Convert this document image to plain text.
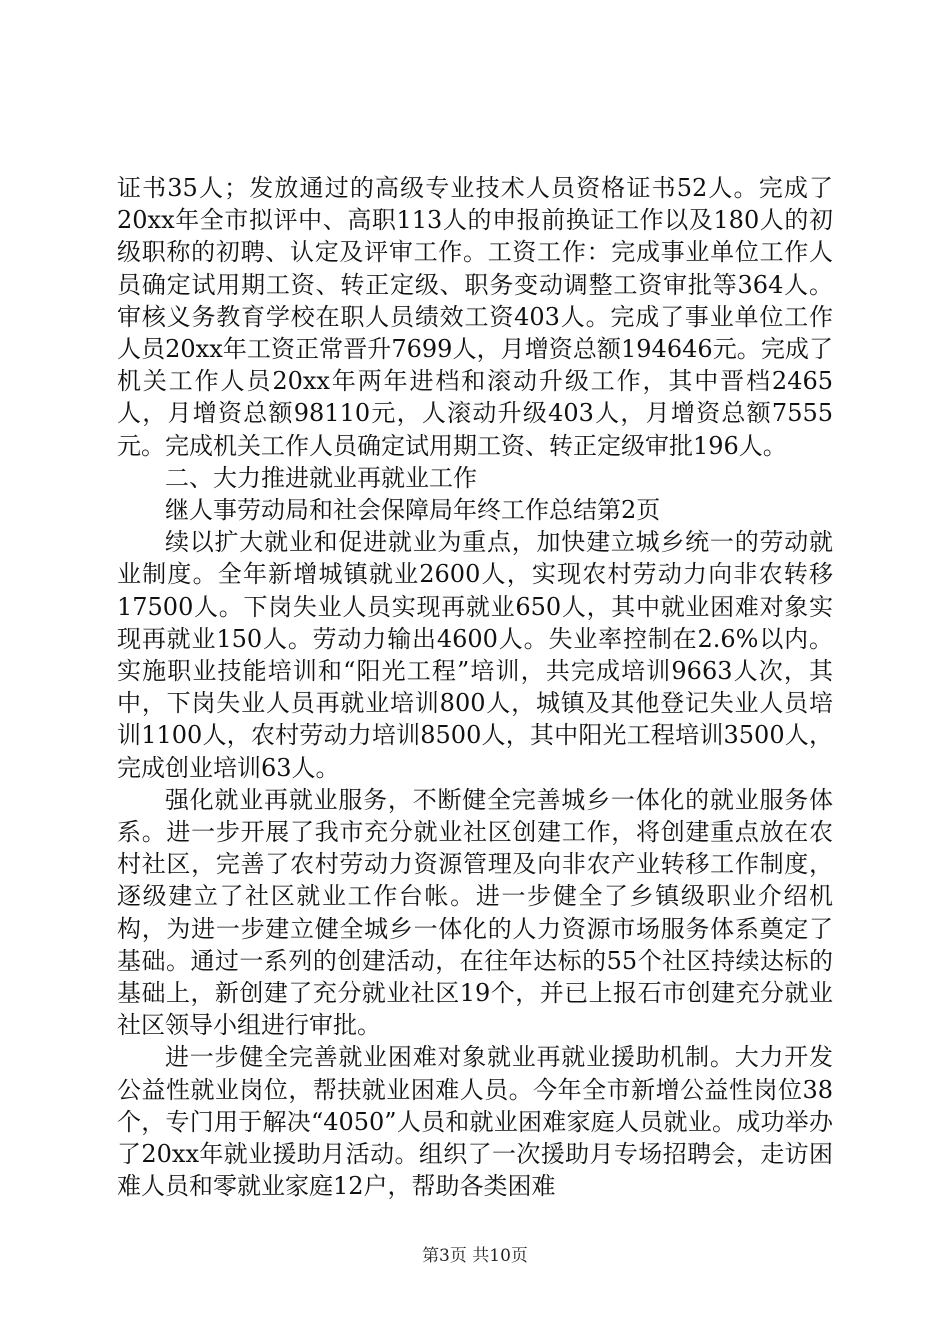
证书35人；发放通过的高级专业技术人员资格证书52人。完成了20xx年全市拟评中、高职113人的申报前换证工作以及180人的初级职称的初聘、认定及评审工作。工资工作：完成事业单位工作人员确定试用期工资、转正定级、职务变动调整工资审批等364人。审核义务教育学校在职人员绩效工资403人。完成了事业单位工作人员20xx年工资正常晋升7699人，月增资总额194646元。完成了机关工作人员20xx年两年进档和滚动升级工作，其中晋档2465人，月增资总额98110元，人滚动升级403人，月增资总额7555元。完成机关工作人员确定试用期工资、转正定级审批196人。

二、大力推进就业再就业工作

继人事劳动局和社会保障局年终工作总结第2页

续以扩大就业和促进就业为重点，加快建立城乡统一的劳动就业制度。全年新增城镇就业2600人，实现农村劳动力向非农转移17500人。下岗失业人员实现再就业650人，其中就业困难对象实现再就业150人。劳动力输出4600人。失业率控制在2.6%以内。实施职业技能培训和“阳光工程”培训，共完成培训9663人次，其中，下岗失业人员再就业培训800人，城镇及其他登记失业人员培训1100人，农村劳动力培训8500人，其中阳光工程培训3500人，完成创业培训63人。

强化就业再就业服务，不断健全完善城乡一体化的就业服务体系。进一步开展了我市充分就业社区创建工作，将创建重点放在农村社区，完善了农村劳动力资源管理及向非农产业转移工作制度，逐级建立了社区就业工作台帐。进一步健全了乡镇级职业介绍机构，为进一步建立健全城乡一体化的人力资源市场服务体系奠定了基础。通过一系列的创建活动，在往年达标的55个社区持续达标的基础上，新创建了充分就业社区19个，并已上报石市创建充分就业社区领导小组进行审批。

进一步健全完善就业困难对象就业再就业援助机制。大力开发公益性就业岗位，帮扶就业困难人员。今年全市新增公益性岗位38个，专门用于解决“4050”人员和就业困难家庭人员就业。成功举办了20xx年就业援助月活动。组织了一次援助月专场招聘会，走访困难人员和零就业家庭12户，帮助各类困难

第3页 共10页
